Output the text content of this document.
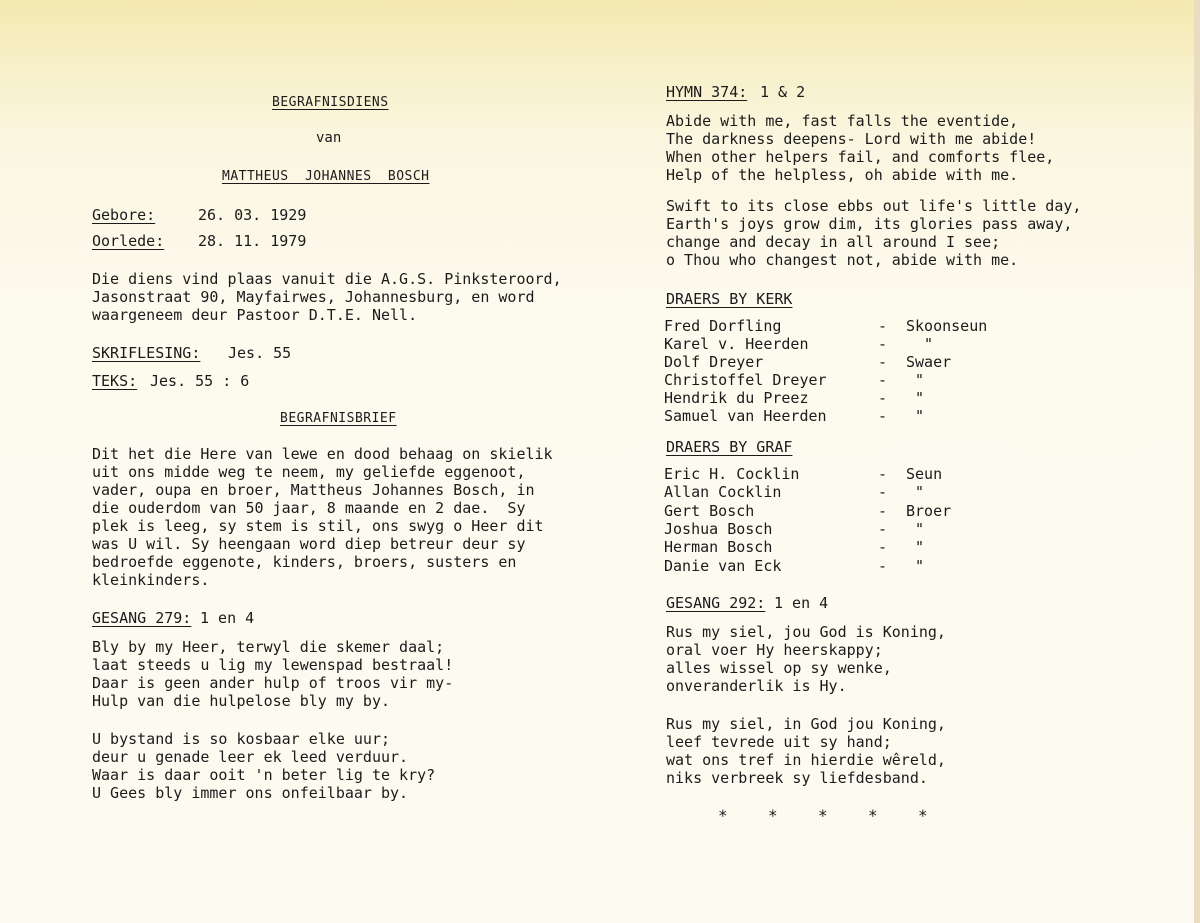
BEGRAFNISDIENS
van
MATTHEUS JOHANNES BOSCH
Gebore:	26. 03. 1929
Oorlede: 28. 11. 1979
Die diens vind plaas vanuit die A.G.S. Pinksteroord,
Jasonstraat 90, Mayfairwes, Johannesburg, en word
waargeneem deur Pastoor D.T.E. Nell.
SKRIFLESING: Jes. 55
TEKS: Jes. 55 : 6
BEGRAFNISBRIEF
Dit het die Here van lewe en dood behaag on skielik
uit ons midde weg te neem, my geliefde eggenoot,
vader, oupa en broer, Mattheus Johannes Bosch, in
die ouderdom van 50 jaar, 8 maande en 2 dae.  Sy
plek is leeg, sy stem is stil, ons swyg o Heer dit
was U wil. Sy heengaan word diep betreur deur sy
bedroefde eggenote, kinders, broers, susters en
kleinkinders.
GESANG 279: 1 en 4
Bly by my Heer, terwyl die skemer daal;
laat steeds u lig my lewenspad bestraal!
Daar is geen ander hulp of troos vir my-
Hulp van die hulpelose bly my by.
U bystand is so kosbaar elke uur;
deur u genade leer ek leed verduur.
Waar is daar ooit 'n beter lig te kry?
U Gees bly immer ons onfeilbaar by.
HYMN 374: 1 & 2
Abide with me, fast falls the eventide,
The darkness deepens- Lord with me abide!
When other helpers fail, and comforts flee,
Help of the helpless, oh abide with me.
Swift to its close ebbs out life's little day,
Earth's joys grow dim, its glories pass away,
change and decay in all around I see;
o Thou who changest not, abide with me.
DRAERS BY KERK
Fred Dorfling	- Skoonseun
Karel v. Heerden	- "
Dolf Dreyer	- Swaer
Christoffel Dreyer	- "
Hendrik du Preez	- "
Samuel van Heerden	- "
DRAERS BY GRAF
Eric H. Cocklin	- Seun
Allan Cocklin	- "
Gert Bosch	- Broer
Joshua Bosch	- "
Herman Bosch	- "
Danie van Eck	- "
GESANG 292: 1 en 4
Rus my siel, jou God is Koning,
oral voer Hy heerskappy;
alles wissel op sy wenke,
onveranderlik is Hy.
Rus my siel, in God jou Koning,
leef tevrede uit sy hand;
wat ons tref in hierdie wêreld,
niks verbreek sy liefdesband.
*	*	*	*	*
